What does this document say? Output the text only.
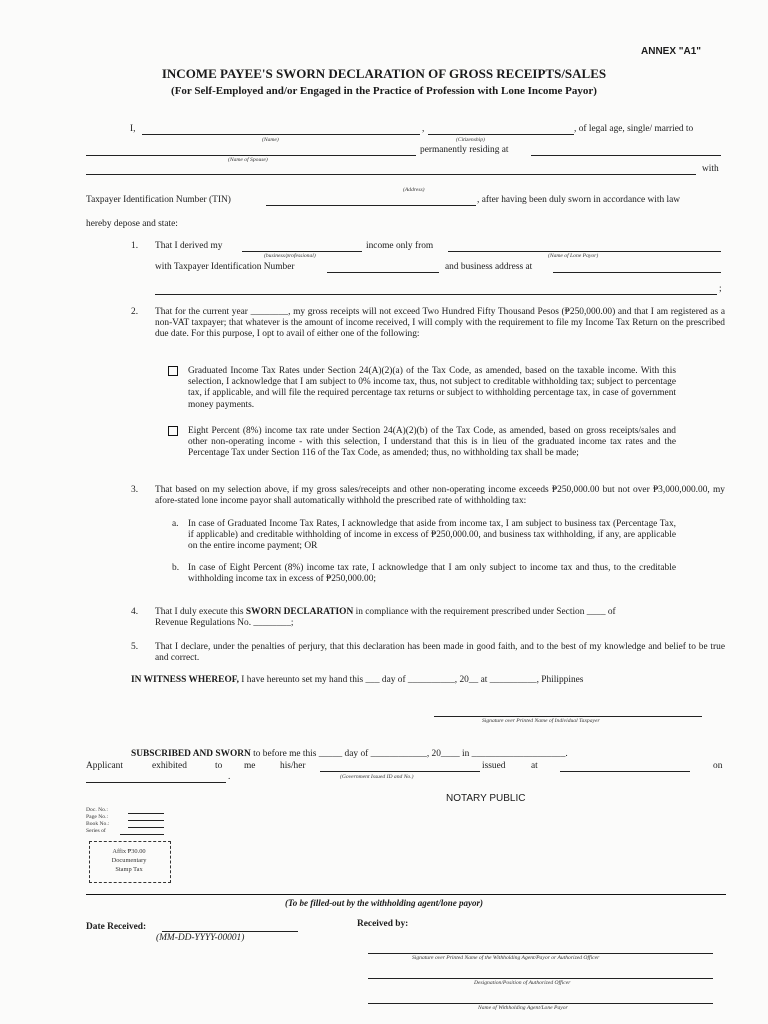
ANNEX "A1"
INCOME PAYEE'S SWORN DECLARATION OF GROSS RECEIPTS/SALES
(For Self-Employed and/or Engaged in the Practice of Profession with Lone Income Payor)
I,	,	, of legal age, single/ married to
(Name)	(Citizenship)
permanently residing at
(Name of Spouse)
with
(Address)
Taxpayer Identification Number (TIN)	, after having been duly sworn in accordance with law
hereby depose and state:
1. That I derived my	income only from
(business/professional)	(Name of Lone Payor)
with Taxpayer Identification Number	and business address at
;
2. That for the current year ________, my gross receipts will not exceed Two Hundred Fifty Thousand Pesos (₱250,000.00) and that I am registered as a non-VAT taxpayer; that whatever is the amount of income received, I will comply with the requirement to file my Income Tax Return on the prescribed due date. For this purpose, I opt to avail of either one of the following:
Graduated Income Tax Rates under Section 24(A)(2)(a) of the Tax Code, as amended, based on the taxable income. With this selection, I acknowledge that I am subject to 0% income tax, thus, not subject to creditable withholding tax; subject to percentage tax, if applicable, and will file the required percentage tax returns or subject to withholding percentage tax, in case of government money payments.
Eight Percent (8%) income tax rate under Section 24(A)(2)(b) of the Tax Code, as amended, based on gross receipts/sales and other non-operating income - with this selection, I understand that this is in lieu of the graduated income tax rates and the Percentage Tax under Section 116 of the Tax Code, as amended; thus, no withholding tax shall be made;
3. That based on my selection above, if my gross sales/receipts and other non-operating income exceeds ₱250,000.00 but not over ₱3,000,000.00, my afore-stated lone income payor shall automatically withhold the prescribed rate of withholding tax:
a. In case of Graduated Income Tax Rates, I acknowledge that aside from income tax, I am subject to business tax (Percentage Tax, if applicable) and creditable withholding of income in excess of ₱250,000.00, and business tax withholding, if any, are applicable on the entire income payment; OR
b. In case of Eight Percent (8%) income tax rate, I acknowledge that I am only subject to income tax and thus, to the creditable withholding income tax in excess of ₱250,000.00;
4. That I duly execute this SWORN DECLARATION in compliance with the requirement prescribed under Section ____ of
Revenue Regulations No. ________;
5. That I declare, under the penalties of perjury, that this declaration has been made in good faith, and to the best of my knowledge and belief to be true and correct.
IN WITNESS WHEREOF, I have hereunto set my hand this ___ day of __________, 20__ at __________, Philippines
Signature over Printed Name of Individual Taxpayer
SUBSCRIBED AND SWORN to before me this _____ day of ____________, 20____ in ____________________.
Applicant	exhibited	to me	his/her	issued	at	on
.	(Government Issued ID and No.)
NOTARY PUBLIC
Doc. No.:
Page No.:
Book No.:
Series of
Affix ₱30.00
Documentary
Stamp Tax
(To be filled-out by the withholding agent/lone payor)
Date Received:
(MM-DD-YYYY-00001)
Received by:
Signature over Printed Name of the Withholding Agent/Payor or Authorized Officer
Designation/Position of Authorized Officer
Name of Withholding Agent/Lone Payor
